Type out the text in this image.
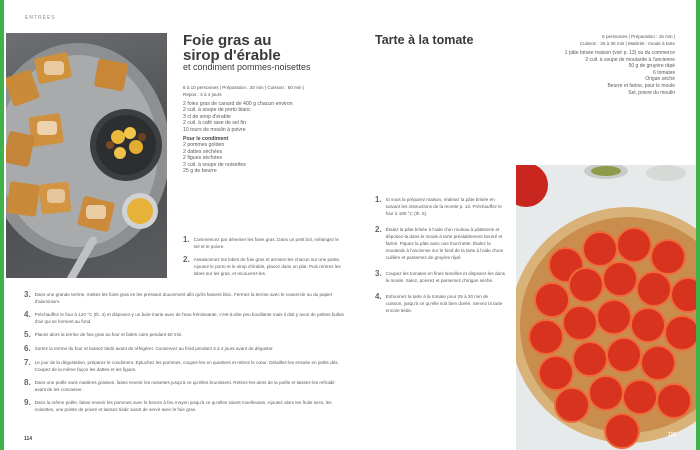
ENTRÉES
Foie gras au sirop d'érable
et condiment pommes-noisettes
8 à 10 personnes | Préparation : 20 min | Cuisson : 50 min |
Repos : 3 à 4 jours
2 foies gras de canard de 400 g chacun environ
2 cuil. à soupe de porto blanc
3 cl de sirop d'érable
2 cuil. à café rase de sel fin
10 tours de moulin à poivre
Pour le condiment
2 pommes golden
2 dattes sèchées
2 figues sèchées
2 cuil. à soupe de noisettes
25 g de beurre
1. Commencez par déveiner les foies gras. Dans un petit bol, mélangez le sel et le poivre.
2. Assaisonnez les lobes de foie gras et arrosez-les chacun sur une partie. Ajoutez le porto et le sirop d'érable, placez dans un plat. Puis rentrez les lobes sur les gras, et recouvrez-les.
3. Dans une grande terrine, mettez les foies gras en les pressant doucement afin qu'ils fassent bloc. Fermez la terrine avec le couvercle ou du papier d'aluminium.
4. Préchauffez le four à 120 °C (th. 4) et disposez-y un bain-marie avec de l'eau frémissante, c'est-à-dire peu bouillante mais il doit y avoir de petites bulles d'air qui se forment au fond.
5. Placez alors la terrine de foie gras au four et faites cuire pendant 50 min.
6. Sortez la terrine du four et laissez tiédir avant de réfrigérer. Conservez au froid pendant 3 à 4 jours avant de déguster.
7. Le jour de la dégustation, préparez le condiment. Épluchez les pommes, coupez-les en quartiers et retirez le cœur. Détaillez-les ensuite en petits dés. Coupez de la même façon les dattes et les figues.
8. Dans une poêle sans matières grasses, faites revenir les noisettes jusqu'à ce qu'elles brunissent. Retirez-les alors de la poêle et laissez-les refroidir avant de les concasser.
9. Dans la même poêle, faites revenir les pommes avec le beurre à feu moyen jusqu'à ce qu'elles soient moelleuses. Ajoutez alors les fruits secs, les noisettes, une pointe de poivre et laissez tiédir avant de servir avec le foie gras.
114
Tarte à la tomate	6 personnes | Préparation : 15 min |
Cuisson : 25 à 30 min | Matériel : moule à tarte
1 pâte brisée maison (voir p. 13) ou du commerce
2 cuil. à soupe de moutarde à l'ancienne
50 g de gruyère râpé
6 tomates
Origan séché
Beurre et farine, pour le moule
Sel, poivre du moulin
1. Si vous la préparez maison, réalisez la pâte brisée en suivant les instructions de la recette p. 13. Préchauffez le four à 180 °C (th. 6).
2. Étalez la pâte brisée à l'aide d'un rouleau à pâtisserie et déposez-la dans le moule à tarte préalablement beurré et fariné. Piquez la pâte avec une fourchette. Étalez la moutarde à l'ancienne sur le fond de la tarte à l'aide d'une cuillère et parsemez de gruyère râpé.
3. Coupez les tomates en fines lamelles et disposez-les dans le moule. Salez, poivrez et parsemez d'origan séché.
4. Enfournez la tarte à la tomate pour 25 à 30 min de cuisson, jusqu'à ce qu'elle soit bien dorée. Servez la tarte encore tiède.
115
